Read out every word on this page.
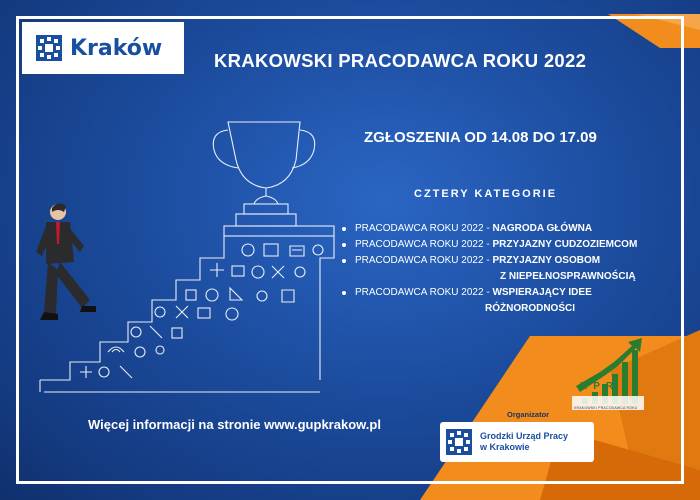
Kraków	KRAKOWSKI PRACODAWCA ROKU 2022
ZGŁOSZENIA OD 14.08 DO 17.09
CZTERY KATEGORIE
PRACODAWCA ROKU 2022 - NAGRODA GŁÓWNA
PRACODAWCA ROKU 2022 - PRZYJAZNY CUDZOZIEMCOM
PRACODAWCA ROKU 2022 - PRZYJAZNY OSOBOM
Z NIEPEŁNOSPRAWNOŚCIĄ
PRACODAWCA ROKU 2022 - WSPIERAJĄCY IDEE
RÓŻNORODNOŚCI
KPR
KRAKOWSKI PRACODAWCA ROKU
Więcej informacji na stronie www.gupkrakow.pl
Organizator
Grodzki Urząd Pracy
w Krakowie
